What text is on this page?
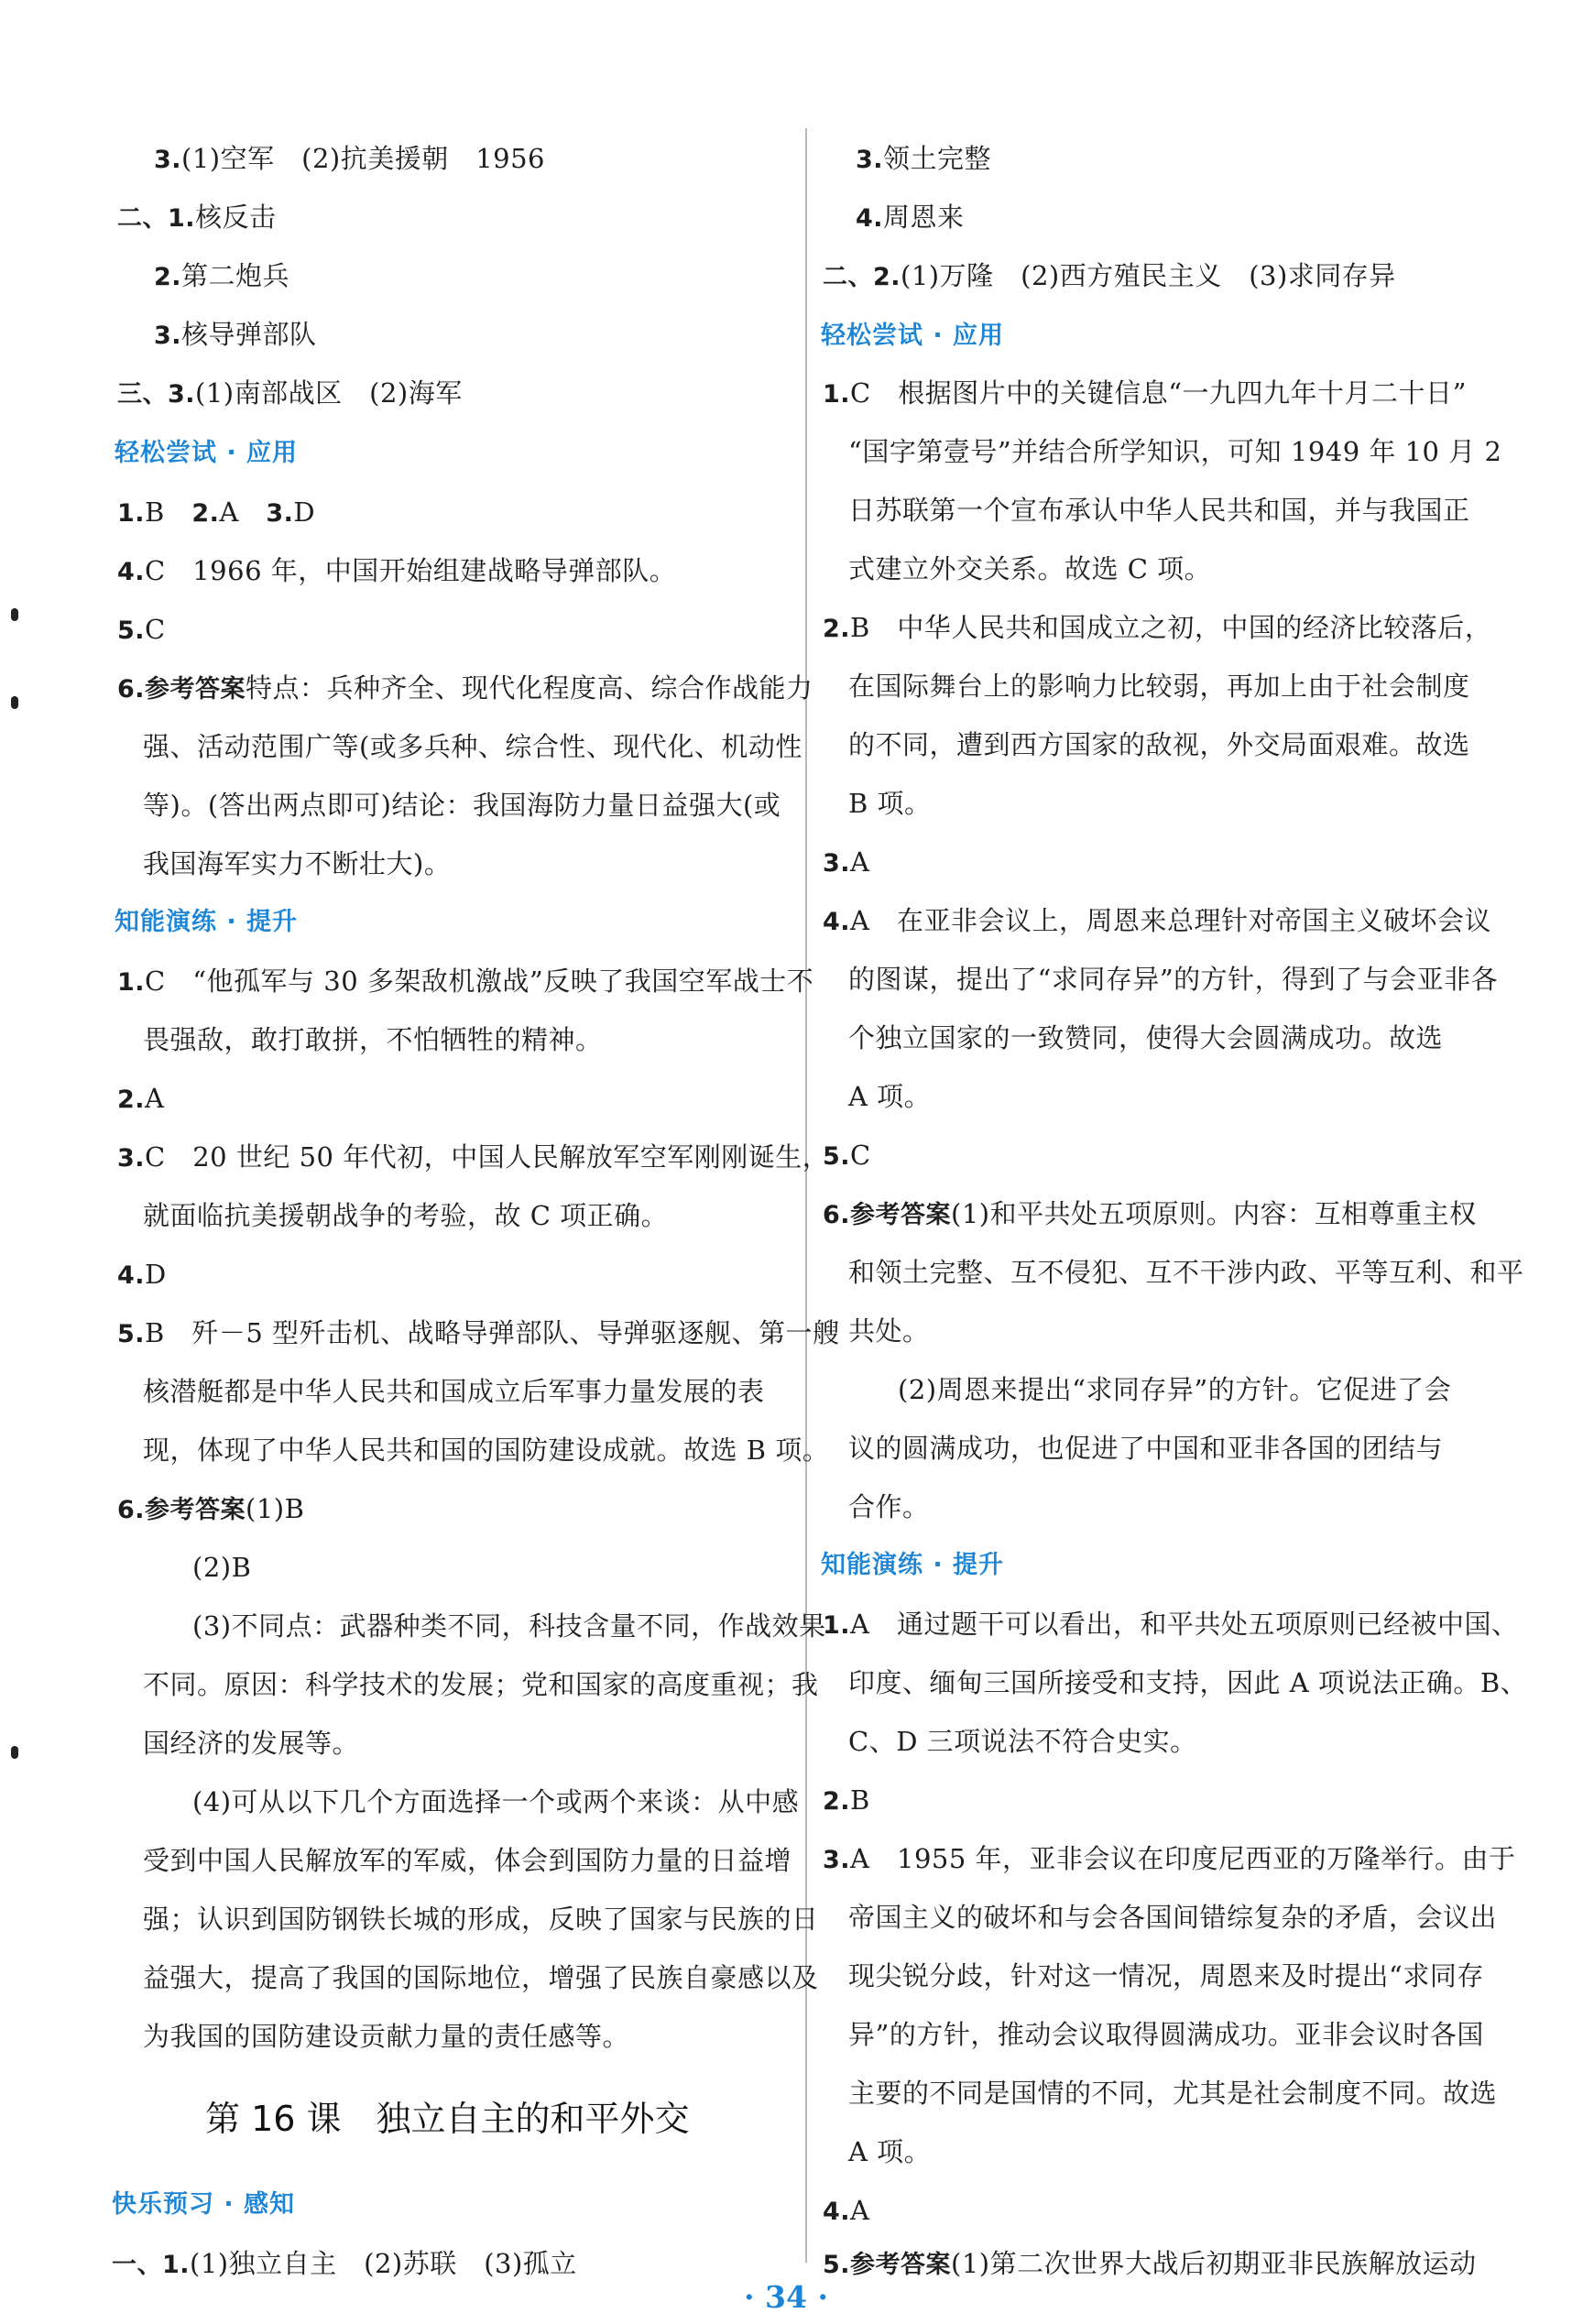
3.(1)空军　(2)抗美援朝　1956
二、1.核反击
2.第二炮兵
3.核导弹部队
三、3.(1)南部战区　(2)海军
轻松尝试 · 应用
1.B　2.A　3.D
4.C　1966 年，中国开始组建战略导弹部队。
5.C
6.参考答案特点：兵种齐全、现代化程度高、综合作战能力
强、活动范围广等(或多兵种、综合性、现代化、机动性
等)。(答出两点即可)结论：我国海防力量日益强大(或
我国海军实力不断壮大)。
知能演练 · 提升
1.C　“他孤军与 30 多架敌机激战”反映了我国空军战士不
畏强敌，敢打敢拼，不怕牺牲的精神。
2.A
3.C　20 世纪 50 年代初，中国人民解放军空军刚刚诞生，
就面临抗美援朝战争的考验，故 C 项正确。
4.D
5.B　歼－5 型歼击机、战略导弹部队、导弹驱逐舰、第一艘
核潜艇都是中华人民共和国成立后军事力量发展的表
现，体现了中华人民共和国的国防建设成就。故选 B 项。
6.参考答案(1)B
(2)B
(3)不同点：武器种类不同，科技含量不同，作战效果
不同。原因：科学技术的发展；党和国家的高度重视；我
国经济的发展等。
(4)可从以下几个方面选择一个或两个来谈：从中感
受到中国人民解放军的军威，体会到国防力量的日益增
强；认识到国防钢铁长城的形成，反映了国家与民族的日
益强大，提高了我国的国际地位，增强了民族自豪感以及
为我国的国防建设贡献力量的责任感等。
第 16 课　独立自主的和平外交
快乐预习 · 感知
一、1.(1)独立自主　(2)苏联　(3)孤立
3.领土完整
4.周恩来
二、2.(1)万隆　(2)西方殖民主义　(3)求同存异
轻松尝试 · 应用
1.C　根据图片中的关键信息“一九四九年十月二十日”
“国字第壹号”并结合所学知识，可知 1949 年 10 月 2
日苏联第一个宣布承认中华人民共和国，并与我国正
式建立外交关系。故选 C 项。
2.B　中华人民共和国成立之初，中国的经济比较落后，
在国际舞台上的影响力比较弱，再加上由于社会制度
的不同，遭到西方国家的敌视，外交局面艰难。故选
B 项。
3.A
4.A　在亚非会议上，周恩来总理针对帝国主义破坏会议
的图谋，提出了“求同存异”的方针，得到了与会亚非各
个独立国家的一致赞同，使得大会圆满成功。故选
A 项。
5.C
6.参考答案(1)和平共处五项原则。内容：互相尊重主权
和领土完整、互不侵犯、互不干涉内政、平等互利、和平
共处。
(2)周恩来提出“求同存异”的方针。它促进了会
议的圆满成功，也促进了中国和亚非各国的团结与
合作。
知能演练 · 提升
1.A　通过题干可以看出，和平共处五项原则已经被中国、
印度、缅甸三国所接受和支持，因此 A 项说法正确。B、
C、D 三项说法不符合史实。
2.B
3.A　1955 年，亚非会议在印度尼西亚的万隆举行。由于
帝国主义的破坏和与会各国间错综复杂的矛盾，会议出
现尖锐分歧，针对这一情况，周恩来及时提出“求同存
异”的方针，推动会议取得圆满成功。亚非会议时各国
主要的不同是国情的不同，尤其是社会制度不同。故选
A 项。
4.A
5.参考答案(1)第二次世界大战后初期亚非民族解放运动
· 34 ·
